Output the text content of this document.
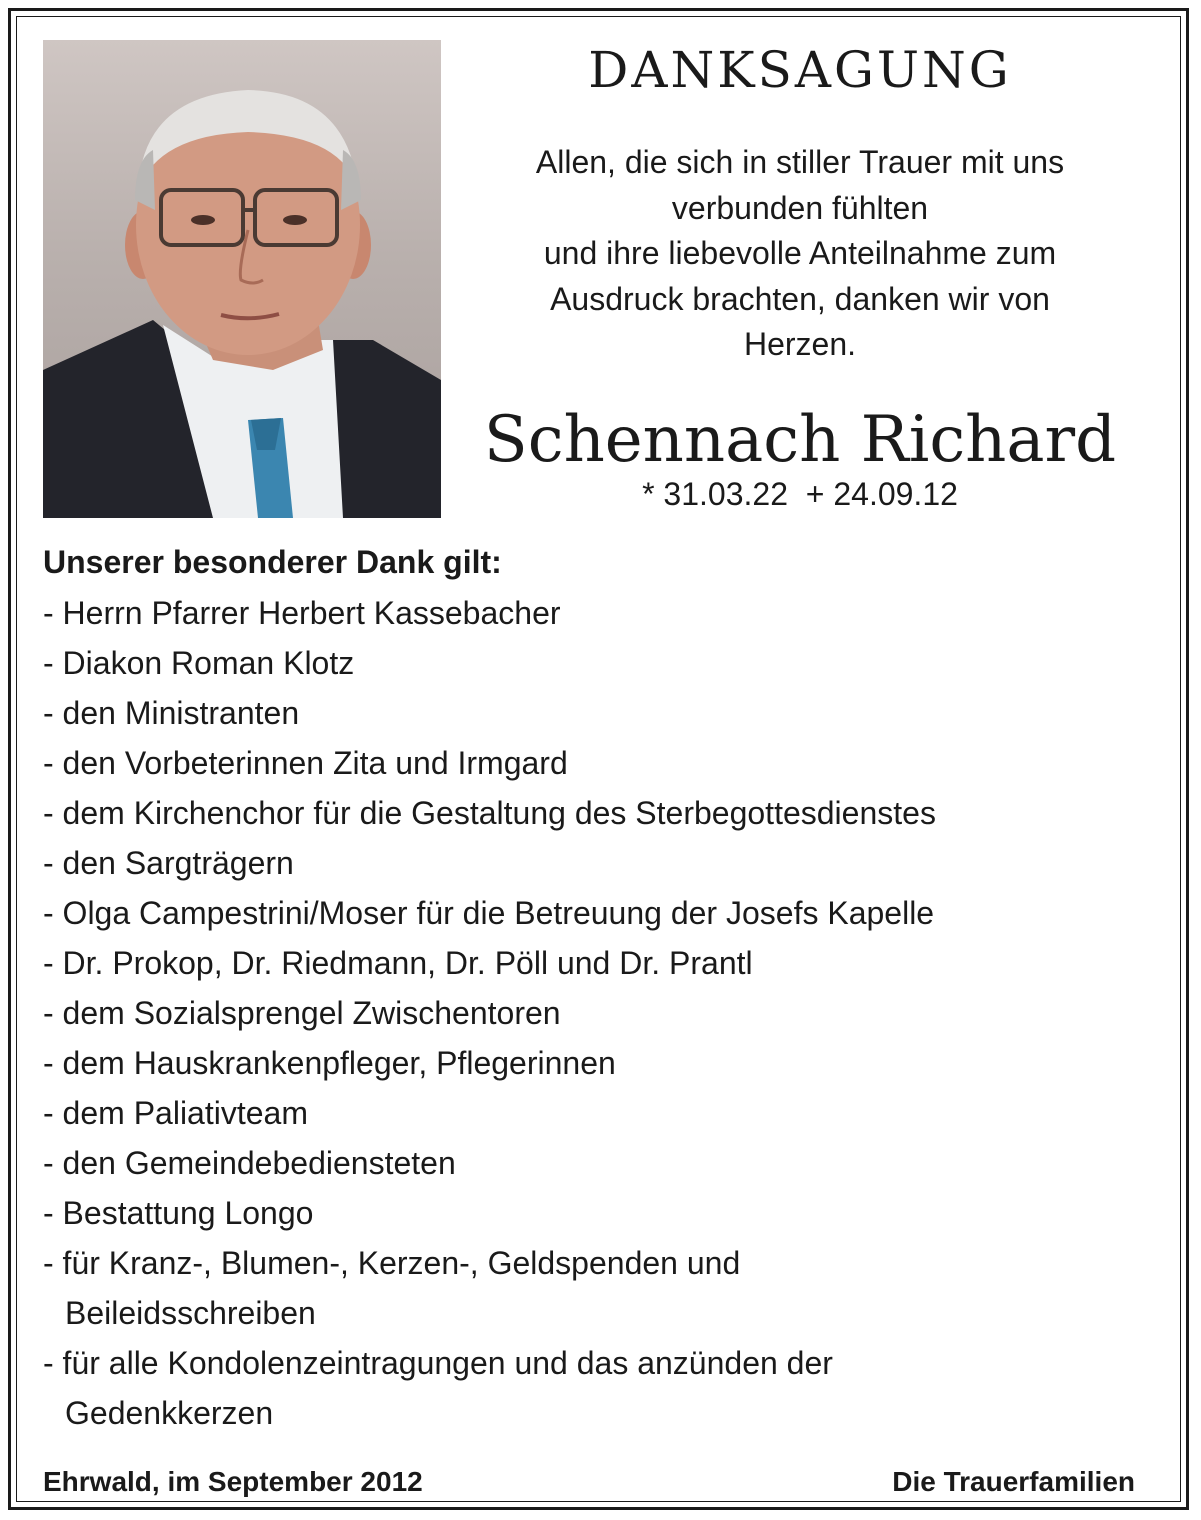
DANKSAGUNG
Allen, die sich in stiller Trauer mit uns
verbunden fühlten
und ihre liebevolle Anteilnahme zum
Ausdruck brachten, danken wir von
Herzen.
Schennach Richard
* 31.03.22  + 24.09.12
Unserer besonderer Dank gilt:
- Herrn Pfarrer Herbert Kassebacher
- Diakon Roman Klotz
- den Ministranten
- den Vorbeterinnen Zita und Irmgard
- dem Kirchenchor für die Gestaltung des Sterbegottesdienstes
- den Sargträgern
- Olga Campestrini/Moser für die Betreuung der Josefs Kapelle
- Dr. Prokop, Dr. Riedmann, Dr. Pöll und Dr. Prantl
- dem Sozialsprengel Zwischentoren
- dem Hauskrankenpfleger, Pflegerinnen
- dem Paliativteam
- den Gemeindebediensteten
- Bestattung Longo
- für Kranz-, Blumen-, Kerzen-, Geldspenden und Beileidsschreiben
- für alle Kondolenzeintragungen und das anzünden der Gedenkkerzen
Ehrwald, im September 2012	Die Trauerfamilien
